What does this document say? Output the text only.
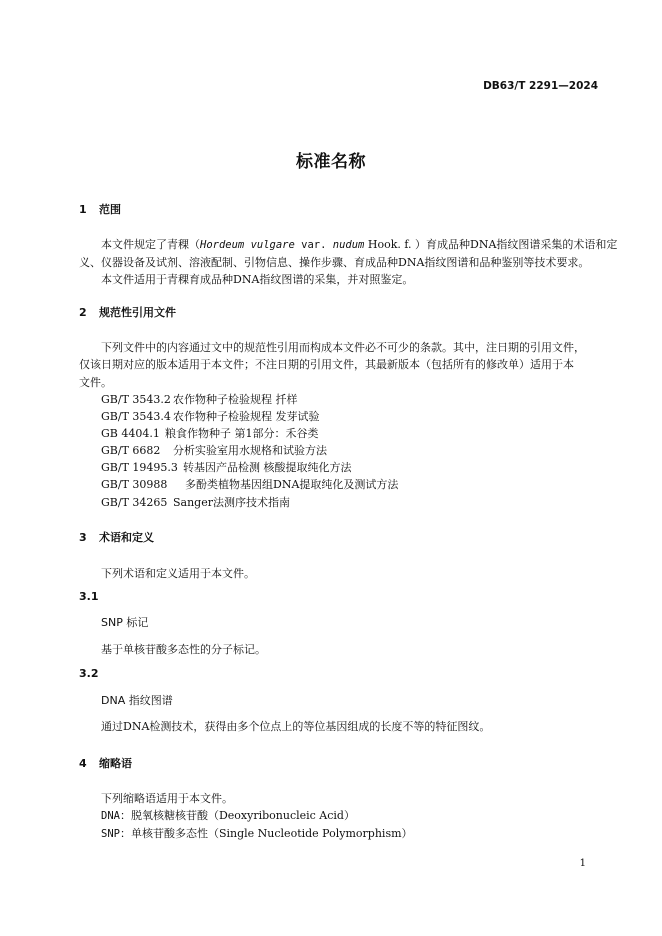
DB63/T 2291—2024
标准名称
1 范围
本文件规定了青稞（Hordeum vulgare var. nudum Hook. f. ）育成品种DNA指纹图谱采集的术语和定
义、仪器设备及试剂、溶液配制、引物信息、操作步骤、育成品种DNA指纹图谱和品种鉴别等技术要求。
本文件适用于青稞育成品种DNA指纹图谱的采集，并对照鉴定。
2 规范性引用文件
下列文件中的内容通过文中的规范性引用而构成本文件必不可少的条款。其中，注日期的引用文件，
仅该日期对应的版本适用于本文件；不注日期的引用文件，其最新版本（包括所有的修改单）适用于本
文件。
GB/T 3543.2 农作物种子检验规程 扦样
GB/T 3543.4 农作物种子检验规程 发芽试验
GB 4404.1 粮食作物种子 第1部分：禾谷类
GB/T 6682 分析实验室用水规格和试验方法
GB/T 19495.3 转基因产品检测 核酸提取纯化方法
GB/T 30988 多酚类植物基因组DNA提取纯化及测试方法
GB/T 34265 Sanger法测序技术指南
3 术语和定义
下列术语和定义适用于本文件。
3.1
SNP 标记
基于单核苷酸多态性的分子标记。
3.2
DNA 指纹图谱
通过DNA检测技术，获得由多个位点上的等位基因组成的长度不等的特征图纹。
4 缩略语
下列缩略语适用于本文件。
DNA：脱氧核糖核苷酸（Deoxyribonucleic Acid）
SNP：单核苷酸多态性（Single Nucleotide Polymorphism）
1
